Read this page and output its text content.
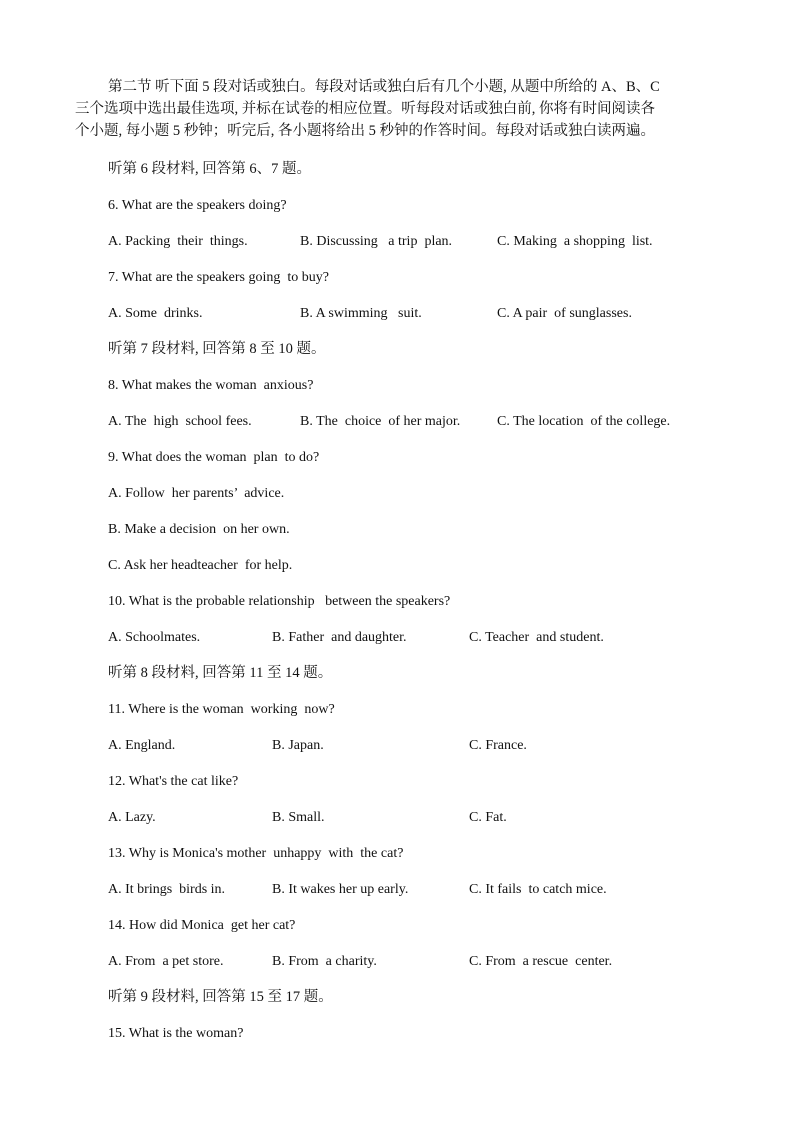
第二节 听下面 5 段对话或独白。每段对话或独白后有几个小题, 从题中所给的 A、B、C
三个选项中选出最佳选项, 并标在试卷的相应位置。听每段对话或独白前, 你将有时间阅读各
个小题, 每小题 5 秒钟；听完后, 各小题将给出 5 秒钟的作答时间。每段对话或独白读两遍。
听第 6 段材料, 回答第 6、7 题。
6. What are the speakers doing?
A. Packing  their  things.	B. Discussing   a trip  plan.	C. Making  a shopping  list.
7. What are the speakers going  to buy?
A. Some  drinks.	B. A swimming   suit.	C. A pair  of sunglasses.
听第 7 段材料, 回答第 8 至 10 题。
8. What makes the woman  anxious?
A. The  high  school fees.	B. The  choice  of her major.	C. The location  of the college.
9. What does the woman  plan  to do?
A. Follow  her parents’  advice.
B. Make a decision  on her own.
C. Ask her headteacher  for help.
10. What is the probable relationship   between the speakers?
A. Schoolmates.	B. Father  and daughter.	C. Teacher  and student.
听第 8 段材料, 回答第 11 至 14 题。
11. Where is the woman  working  now?
A. England.	B. Japan.	C. France.
12. What's the cat like?
A. Lazy.	B. Small.	C. Fat.
13. Why is Monica's mother  unhappy  with  the cat?
A. It brings  birds in.	B. It wakes her up early.	C. It fails  to catch mice.
14. How did Monica  get her cat?
A. From  a pet store.	B. From  a charity.	C. From  a rescue  center.
听第 9 段材料, 回答第 15 至 17 题。
15. What is the woman?
